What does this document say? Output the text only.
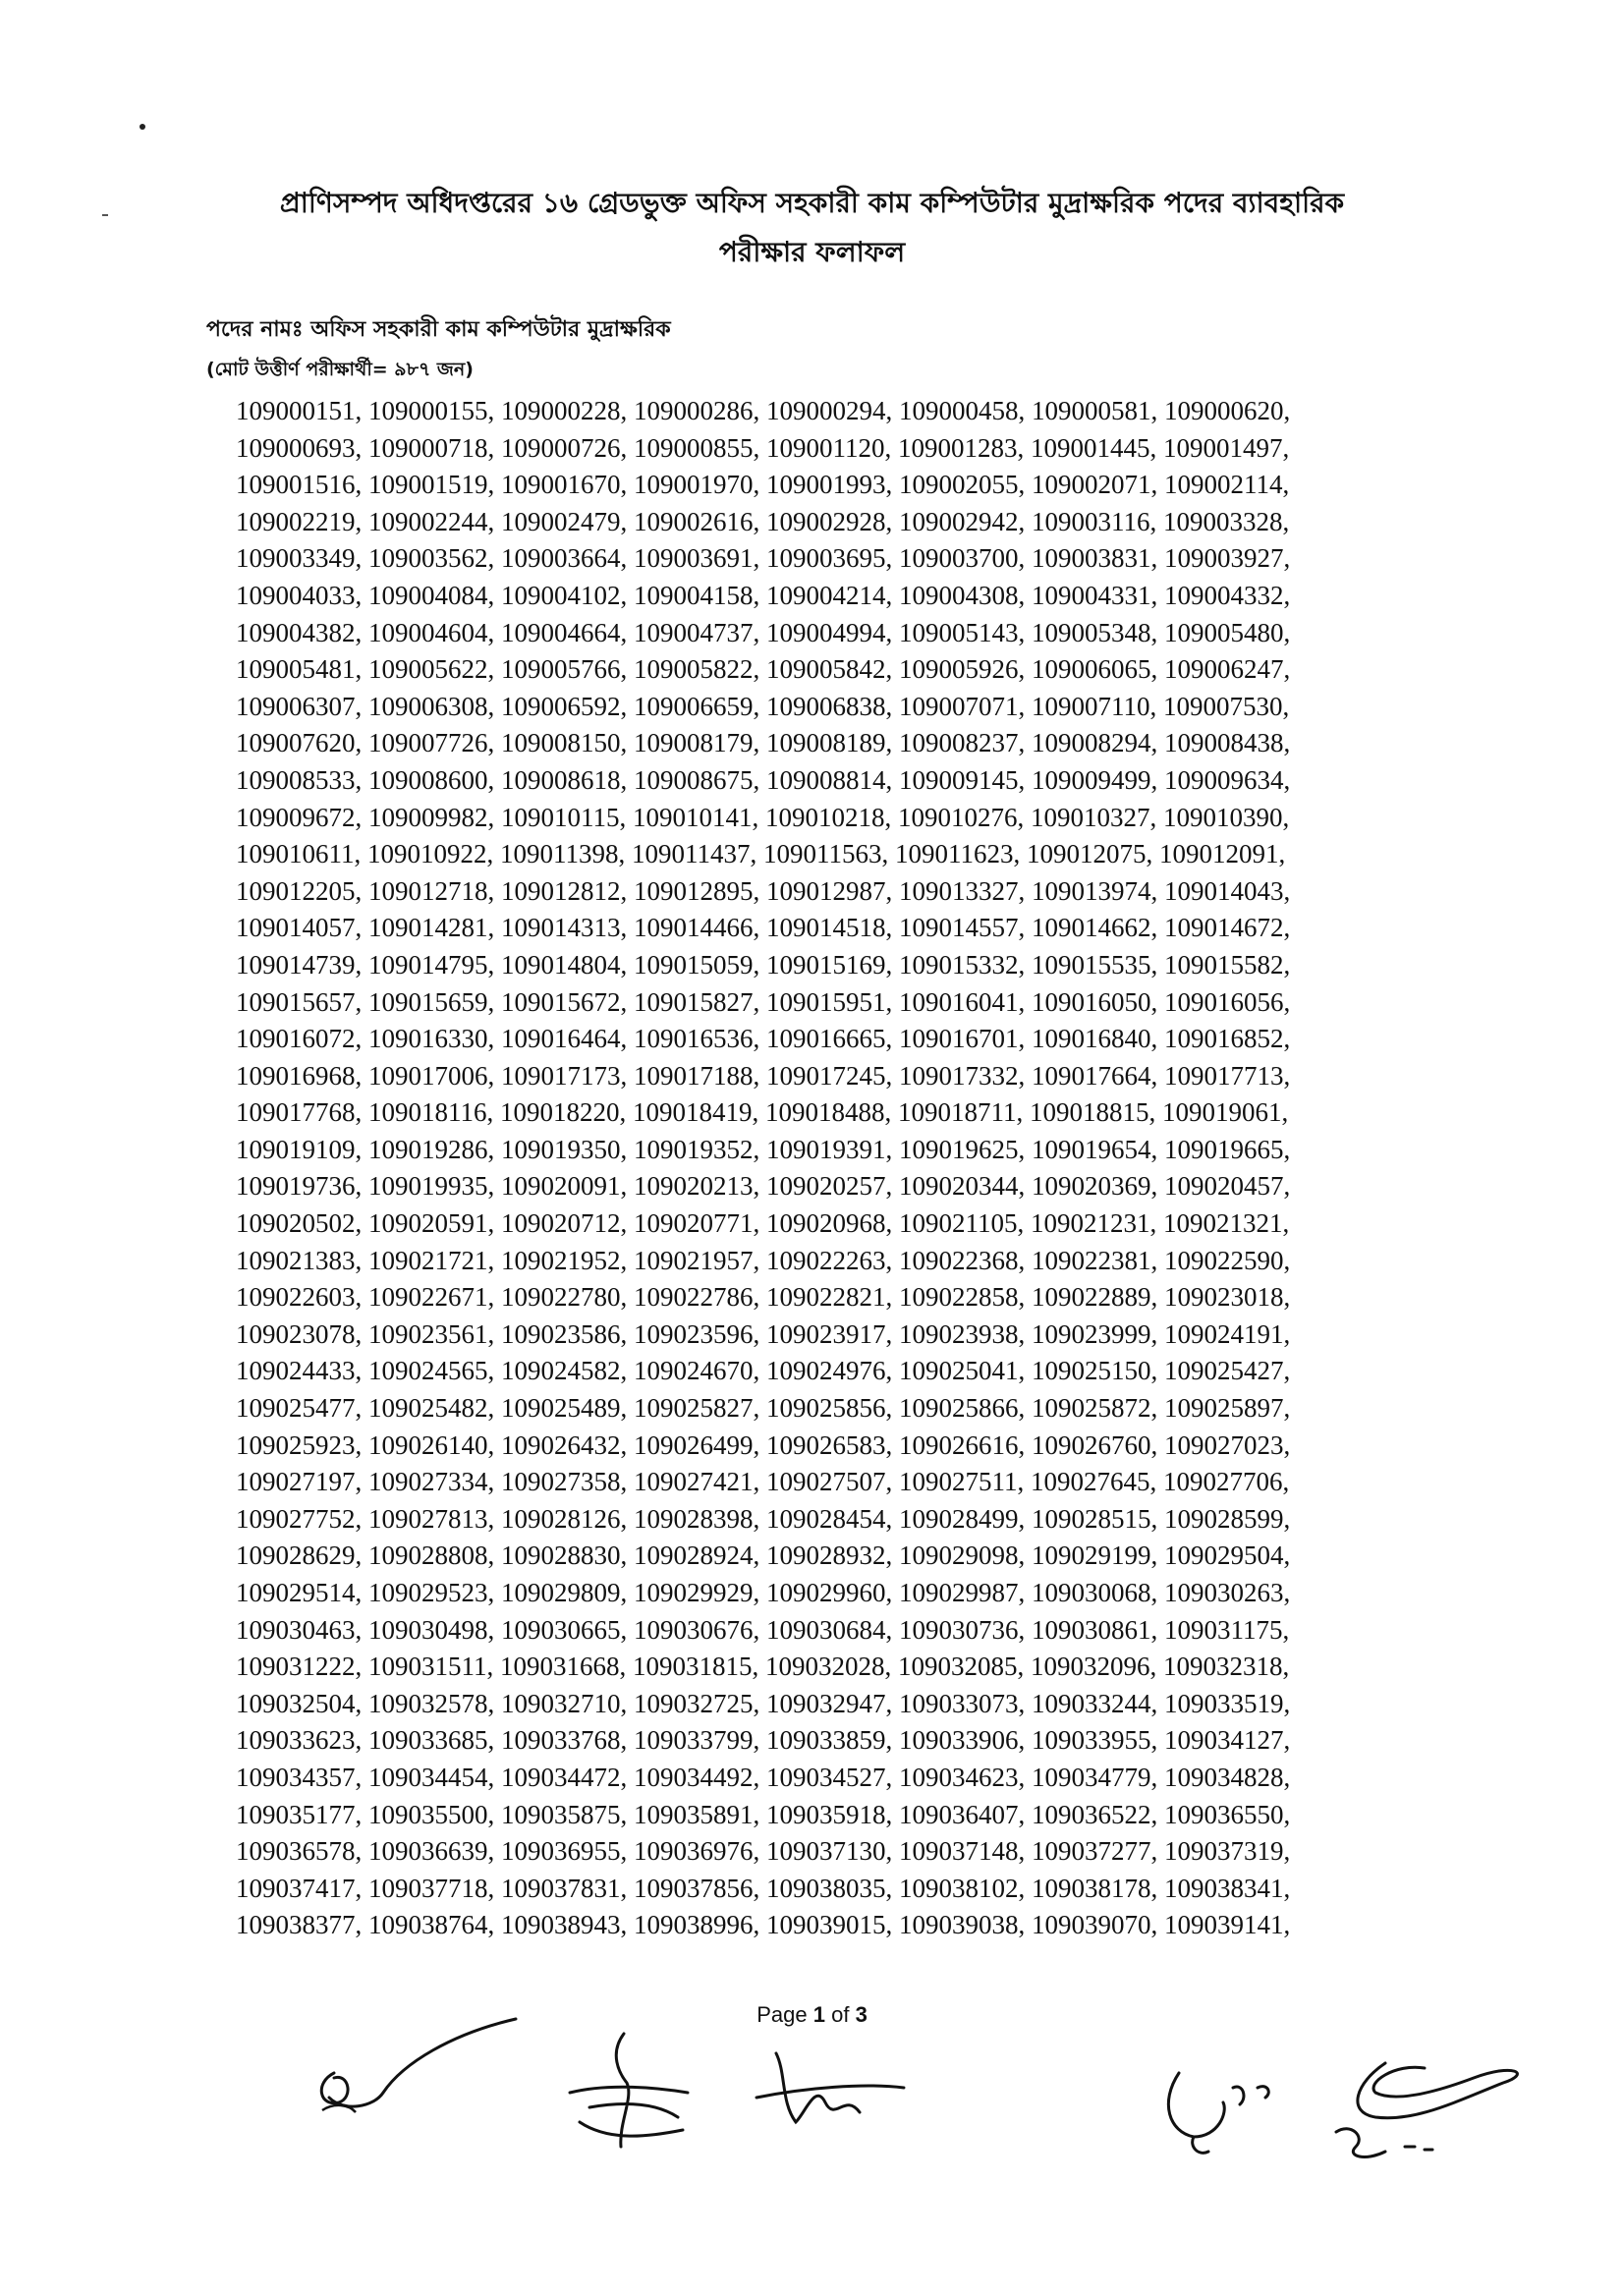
প্রাণিসম্পদ অধিদপ্তরের ১৬ গ্রেডভুক্ত অফিস সহকারী কাম কম্পিউটার মুদ্রাক্ষরিক পদের ব্যাবহারিক
পরীক্ষার ফলাফল
পদের নামঃ অফিস সহকারী কাম কম্পিউটার মুদ্রাক্ষরিক
(মোট উত্তীর্ণ পরীক্ষার্থী= ৯৮৭ জন)
109000151, 109000155, 109000228, 109000286, 109000294, 109000458, 109000581, 109000620,
109000693, 109000718, 109000726, 109000855, 109001120, 109001283, 109001445, 109001497,
109001516, 109001519, 109001670, 109001970, 109001993, 109002055, 109002071, 109002114,
109002219, 109002244, 109002479, 109002616, 109002928, 109002942, 109003116, 109003328,
109003349, 109003562, 109003664, 109003691, 109003695, 109003700, 109003831, 109003927,
109004033, 109004084, 109004102, 109004158, 109004214, 109004308, 109004331, 109004332,
109004382, 109004604, 109004664, 109004737, 109004994, 109005143, 109005348, 109005480,
109005481, 109005622, 109005766, 109005822, 109005842, 109005926, 109006065, 109006247,
109006307, 109006308, 109006592, 109006659, 109006838, 109007071, 109007110, 109007530,
109007620, 109007726, 109008150, 109008179, 109008189, 109008237, 109008294, 109008438,
109008533, 109008600, 109008618, 109008675, 109008814, 109009145, 109009499, 109009634,
109009672, 109009982, 109010115, 109010141, 109010218, 109010276, 109010327, 109010390,
109010611, 109010922, 109011398, 109011437, 109011563, 109011623, 109012075, 109012091,
109012205, 109012718, 109012812, 109012895, 109012987, 109013327, 109013974, 109014043,
109014057, 109014281, 109014313, 109014466, 109014518, 109014557, 109014662, 109014672,
109014739, 109014795, 109014804, 109015059, 109015169, 109015332, 109015535, 109015582,
109015657, 109015659, 109015672, 109015827, 109015951, 109016041, 109016050, 109016056,
109016072, 109016330, 109016464, 109016536, 109016665, 109016701, 109016840, 109016852,
109016968, 109017006, 109017173, 109017188, 109017245, 109017332, 109017664, 109017713,
109017768, 109018116, 109018220, 109018419, 109018488, 109018711, 109018815, 109019061,
109019109, 109019286, 109019350, 109019352, 109019391, 109019625, 109019654, 109019665,
109019736, 109019935, 109020091, 109020213, 109020257, 109020344, 109020369, 109020457,
109020502, 109020591, 109020712, 109020771, 109020968, 109021105, 109021231, 109021321,
109021383, 109021721, 109021952, 109021957, 109022263, 109022368, 109022381, 109022590,
109022603, 109022671, 109022780, 109022786, 109022821, 109022858, 109022889, 109023018,
109023078, 109023561, 109023586, 109023596, 109023917, 109023938, 109023999, 109024191,
109024433, 109024565, 109024582, 109024670, 109024976, 109025041, 109025150, 109025427,
109025477, 109025482, 109025489, 109025827, 109025856, 109025866, 109025872, 109025897,
109025923, 109026140, 109026432, 109026499, 109026583, 109026616, 109026760, 109027023,
109027197, 109027334, 109027358, 109027421, 109027507, 109027511, 109027645, 109027706,
109027752, 109027813, 109028126, 109028398, 109028454, 109028499, 109028515, 109028599,
109028629, 109028808, 109028830, 109028924, 109028932, 109029098, 109029199, 109029504,
109029514, 109029523, 109029809, 109029929, 109029960, 109029987, 109030068, 109030263,
109030463, 109030498, 109030665, 109030676, 109030684, 109030736, 109030861, 109031175,
109031222, 109031511, 109031668, 109031815, 109032028, 109032085, 109032096, 109032318,
109032504, 109032578, 109032710, 109032725, 109032947, 109033073, 109033244, 109033519,
109033623, 109033685, 109033768, 109033799, 109033859, 109033906, 109033955, 109034127,
109034357, 109034454, 109034472, 109034492, 109034527, 109034623, 109034779, 109034828,
109035177, 109035500, 109035875, 109035891, 109035918, 109036407, 109036522, 109036550,
109036578, 109036639, 109036955, 109036976, 109037130, 109037148, 109037277, 109037319,
109037417, 109037718, 109037831, 109037856, 109038035, 109038102, 109038178, 109038341,
109038377, 109038764, 109038943, 109038996, 109039015, 109039038, 109039070, 109039141,
Page 1 of 3
